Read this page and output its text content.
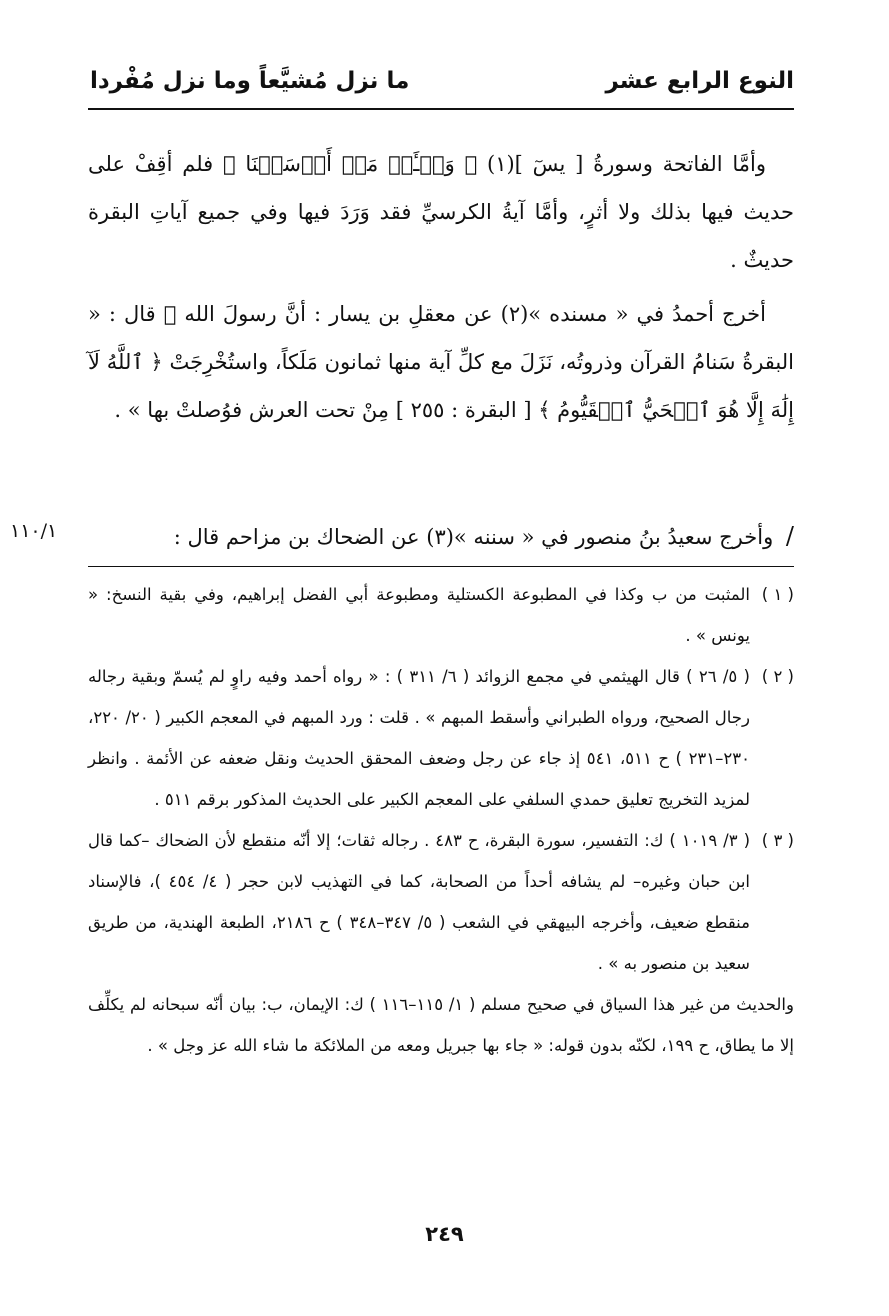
النوع الرابع عشر
ما نزل مُشيَّعاً وما نزل مُفْردا

وأمَّا الفاتحة وسورةُ [ يسٓ ](١) ﴿ وَسۡـَٔلۡ مَنۡ أَرۡسَلۡنَا ﴾ فلم أقِفْ على حديث فيها بذلك ولا أثرٍ، وأمَّا آيةُ الكرسيِّ فقد وَرَدَ فيها وفي جميع آياتِ البقرة حديثٌ .

أخرج أحمدُ في « مسنده »(٢) عن معقلِ بن يسار : أنَّ رسولَ الله ﷺ قال : « البقرةُ سَنامُ القرآن وذروتُه، نَزَلَ مع كلِّ آية منها ثمانون مَلَكاً، واستُخْرِجَتْ ﴿ ٱللَّهُ لَآ إِلَٰهَ إِلَّا هُوَ ٱلۡحَيُّ ٱلۡقَيُّومُ ﴾ [ البقرة : ٢٥٥ ] مِنْ تحت العرش فوُصلتْ بها » .

/ وأخرج سعيدُ بنُ منصور في « سننه »(٣) عن الضحاك بن مزاحم قال :
١١٠/١
( ١ )

المثبت من ب وكذا في المطبوعة الكستلية ومطبوعة أبي الفضل إبراهيم، وفي بقية النسخ: « يونس » .

( ٢ )

( ٥/ ٢٦ ) قال الهيثمي في مجمع الزوائد ( ٦/ ٣١١ ) : « رواه أحمد وفيه راوٍ لم يُسمّ وبقية رجاله رجال الصحيح، ورواه الطبراني وأسقط المبهم » . قلت : ورد المبهم في المعجم الكبير ( ٢٠/ ٢٢٠، ٢٣٠–٢٣١ ) ح ٥١١، ٥٤١ إذ جاء عن رجل وضعف المحقق الحديث ونقل ضعفه عن الأئمة . وانظر لمزيد التخريج تعليق حمدي السلفي على المعجم الكبير على الحديث المذكور برقم ٥١١ .

( ٣ )

( ٣/ ١٠١٩ ) ك: التفسير، سورة البقرة، ح ٤٨٣ . رجاله ثقات؛ إلا أنّه منقطع لأن الضحاك –كما قال ابن حبان وغيره– لم يشافه أحداً من الصحابة، كما في التهذيب لابن حجر ( ٤/ ٤٥٤ )، فالإسناد منقطع ضعيف، وأخرجه البيهقي في الشعب ( ٥/ ٣٤٧–٣٤٨ ) ح ٢١٨٦، الطبعة الهندية، من طريق سعيد بن منصور به » .

والحديث من غير هذا السياق في صحيح مسلم ( ١/ ١١٥–١١٦ ) ك: الإيمان، ب: بيان أنّه سبحانه لم يكلِّف إلا ما يطاق، ح ١٩٩، لكنّه بدون قوله: « جاء بها جبريل ومعه من الملائكة ما شاء الله عز وجل » .

٢٤٩
